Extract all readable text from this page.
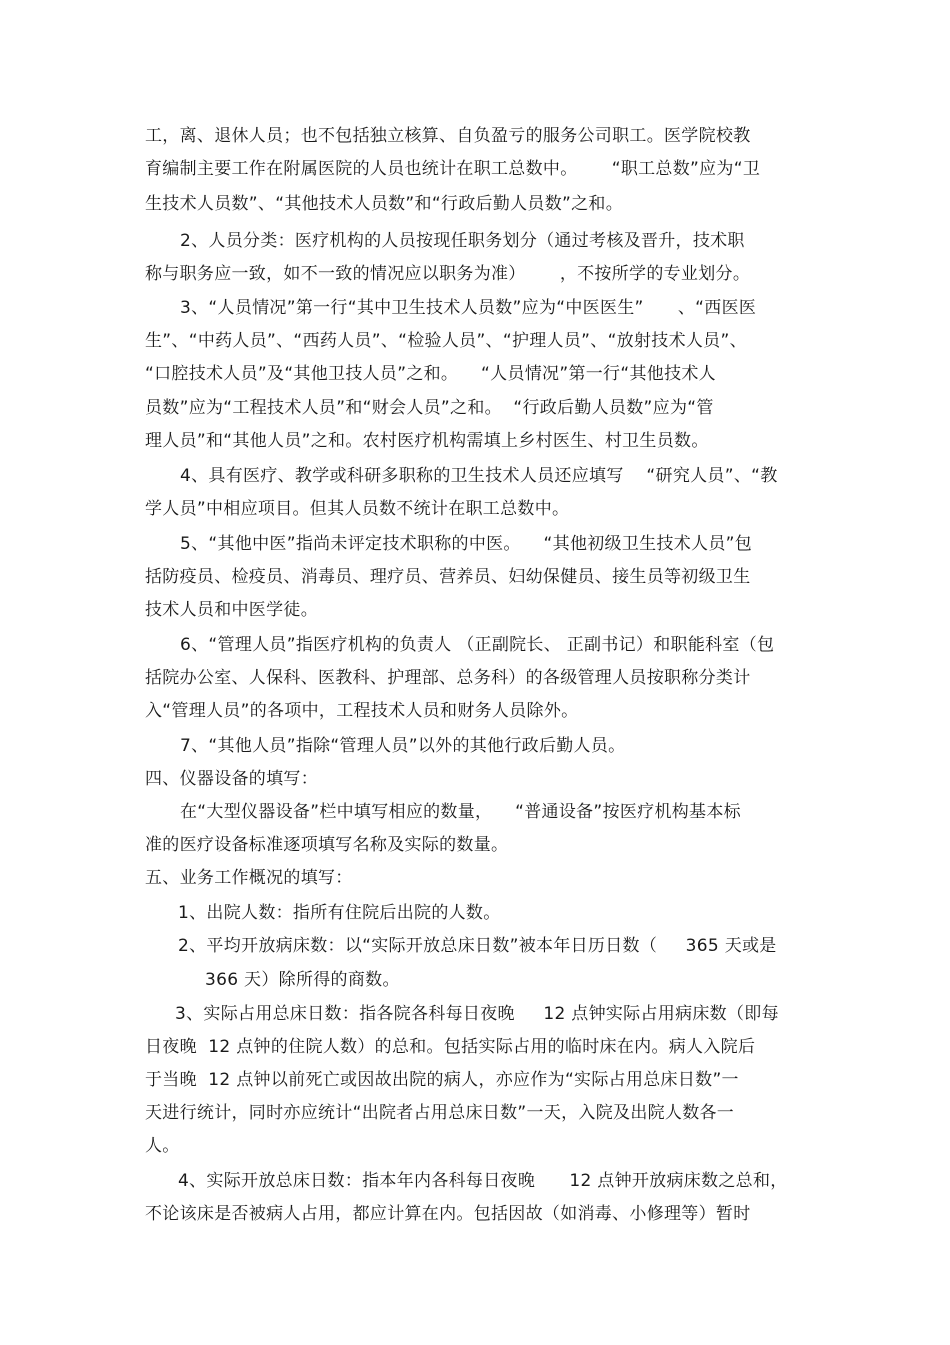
工，离、退休人员；也不包括独立核算、自负盈亏的服务公司职工。医学院校教
育编制主要工作在附属医院的人员也统计在职工总数中。      “职工总数”应为“卫
生技术人员数”、“其他技术人员数”和“行政后勤人员数”之和。
2、人员分类：医疗机构的人员按现任职务划分（通过考核及晋升，技术职
称与职务应一致，如不一致的情况应以职务为准）      ，不按所学的专业划分。
3、“人员情况”第一行“其中卫生技术人员数”应为“中医医生”      、“西医医
生”、“中药人员”、“西药人员”、“检验人员”、“护理人员”、“放射技术人员”、
“口腔技术人员”及“其他卫技人员”之和。    “人员情况”第一行“其他技术人
员数”应为“工程技术人员”和“财会人员”之和。  “行政后勤人员数”应为“管
理人员”和“其他人员”之和。农村医疗机构需填上乡村医生、村卫生员数。
4、具有医疗、教学或科研多职称的卫生技术人员还应填写    “研究人员”、“教
学人员”中相应项目。但其人员数不统计在职工总数中。
5、“其他中医”指尚未评定技术职称的中医。    “其他初级卫生技术人员”包
括防疫员、检疫员、消毒员、理疗员、营养员、妇幼保健员、接生员等初级卫生
技术人员和中医学徒。
6、“管理人员”指医疗机构的负责人 （正副院长、 正副书记）和职能科室（包
括院办公室、人保科、医教科、护理部、总务科）的各级管理人员按职称分类计
入“管理人员”的各项中，工程技术人员和财务人员除外。
7、“其他人员”指除“管理人员”以外的其他行政后勤人员。
四、仪器设备的填写：
在“大型仪器设备”栏中填写相应的数量，    “普通设备”按医疗机构基本标
准的医疗设备标准逐项填写名称及实际的数量。
五、业务工作概况的填写：
1、出院人数：指所有住院后出院的人数。
2、平均开放病床数：以“实际开放总床日数”被本年日历日数（     365 天或是
366 天）除所得的商数。
3、实际占用总床日数：指各院各科每日夜晚     12 点钟实际占用病床数（即每
日夜晚  12 点钟的住院人数）的总和。包括实际占用的临时床在内。病人入院后
于当晚  12 点钟以前死亡或因故出院的病人，亦应作为“实际占用总床日数”一
天进行统计，同时亦应统计“出院者占用总床日数”一天，入院及出院人数各一
人。
4、实际开放总床日数：指本年内各科每日夜晚      12 点钟开放病床数之总和，
不论该床是否被病人占用，都应计算在内。包括因故（如消毒、小修理等）暂时
